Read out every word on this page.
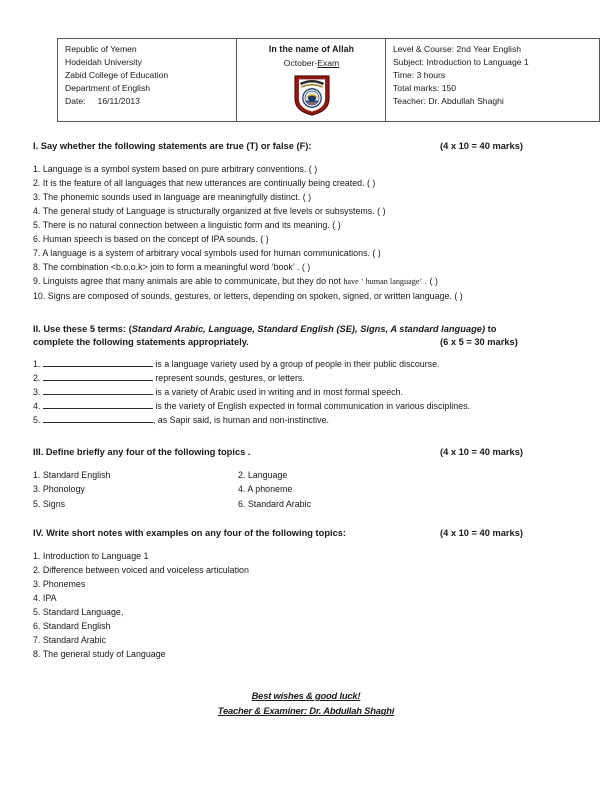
Republic of Yemen
Hodeidah University
Zabid College of Education
Department of English
Date: 16/11/2013

In the name of Allah
October-Exam

Level & Course: 2nd Year English
Subject: Introduction to Language 1
Time: 3 hours
Total marks: 150
Teacher: Dr. Abdullah Shaghi
I. Say whether the following statements are true (T) or false (F):	(4 x 10 = 40 marks)
1. Language is a symbol system based on pure arbitrary conventions. ( )
2. It is the feature of all languages that new utterances are continually being created. ( )
3. The phonemic sounds used in language are meaningfully distinct. ( )
4. The general study of Language is structurally organized at five levels or subsystems. ( )
5. There is no natural connection between a linguistic form and its meaning. ( )
6. Human speech is based on the concept of IPA sounds. ( )
7. A language is a system of arbitrary vocal symbols used for human communications. ( )
8. The combination <b.o.o.k> join to form a meaningful word ‘book’ . ( )
9. Linguists agree that many animals are able to communicate, but they do not have ‘ human language’ . ( )
10. Signs are composed of sounds, gestures, or letters, depending on spoken, signed, or written language. ( )
II. Use these 5 terms: (Standard Arabic, Language, Standard English (SE), Signs, A standard language) to
complete the following statements appropriately.	(6 x 5 = 30 marks)
1.	is a language variety used by a group of people in their public discourse.
2.	represent sounds, gestures, or letters.
3.	is a variety of Arabic used in writing and in most formal speech.
4.	is the variety of English expected in formal communication in various disciplines.
5.	, as Sapir said, is human and non-instinctive.
III. Define briefly any four of the following topics .	(4 x 10 = 40 marks)
1. Standard English	2. Language
3. Phonology	4. A phoneme
5. Signs	6. Standard Arabic
IV. Write short notes with examples on any four of the following topics:	(4 x 10 = 40 marks)
1. Introduction to Language 1
2. Difference between voiced and voiceless articulation
3. Phonemes
4. IPA
5. Standard Language,
6. Standard English
7. Standard Arabic
8. The general study of Language
Best wishes & good luck!
Teacher & Examiner: Dr. Abdullah Shaghi
